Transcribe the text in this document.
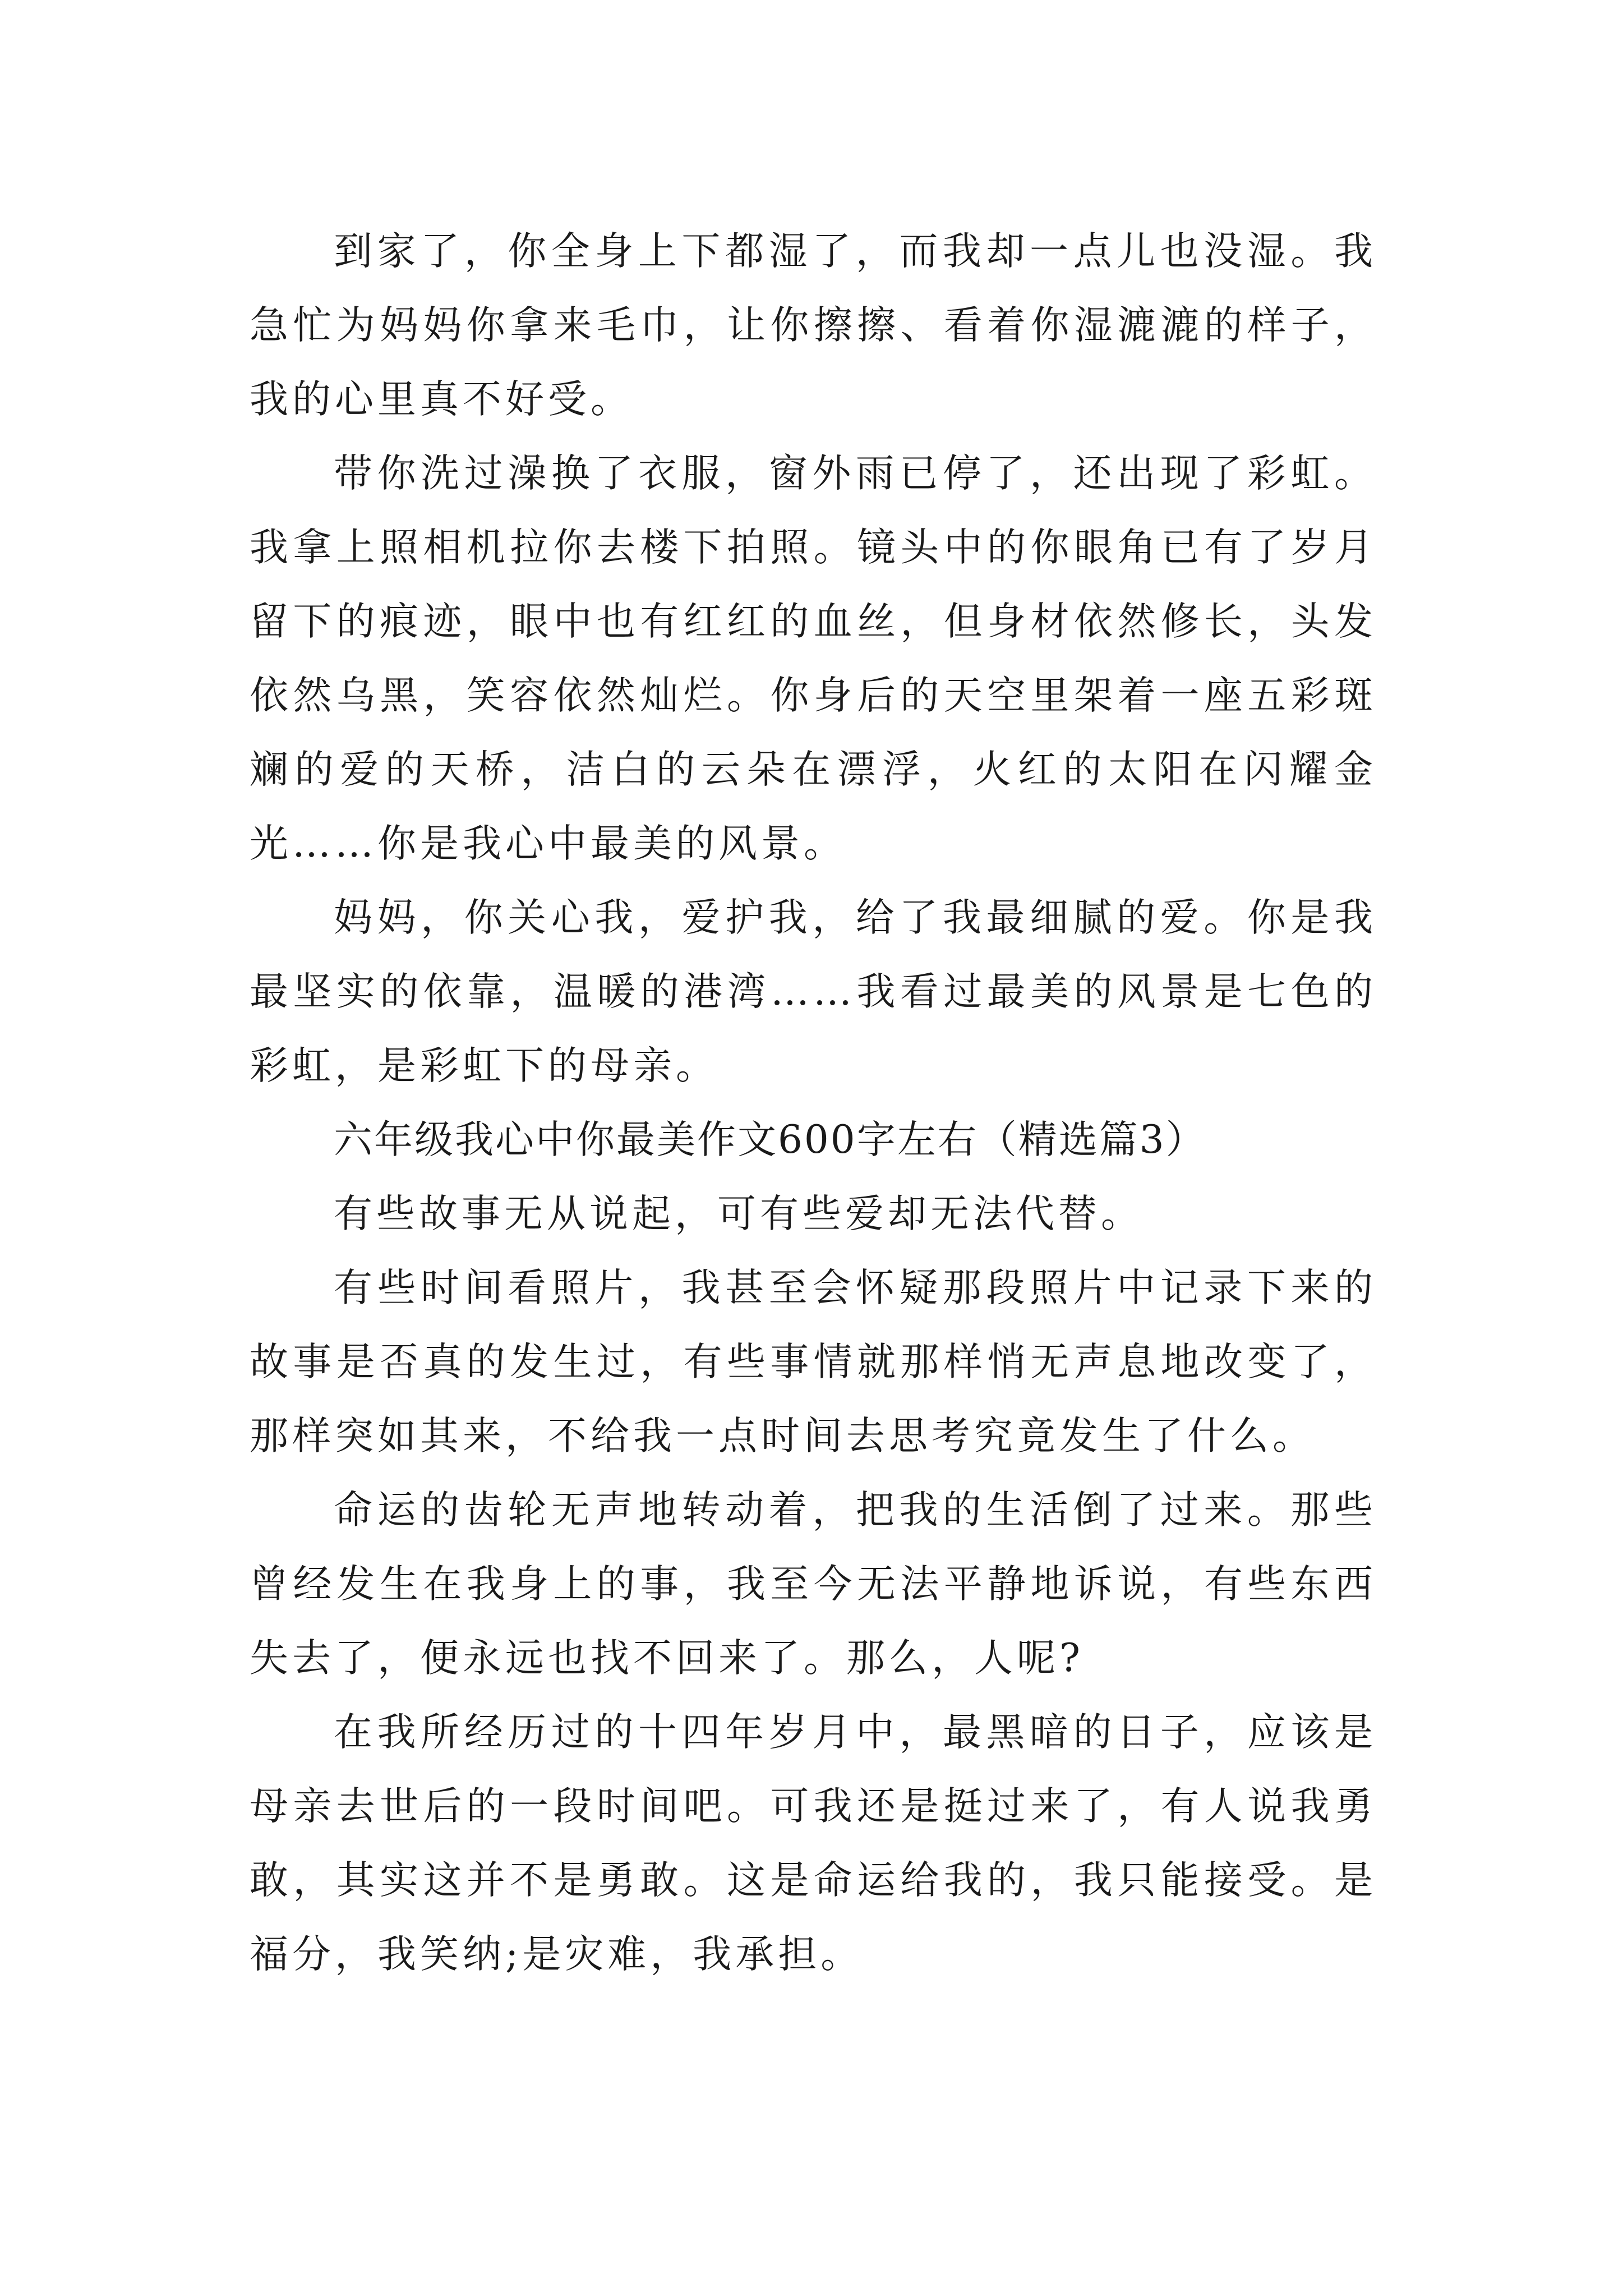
到家了，你全身上下都湿了，而我却一点儿也没湿。我急忙为妈妈你拿来毛巾，让你擦擦、看着你湿漉漉的样子，我的心里真不好受。

带你洗过澡换了衣服，窗外雨已停了，还出现了彩虹。我拿上照相机拉你去楼下拍照。镜头中的你眼角已有了岁月留下的痕迹，眼中也有红红的血丝，但身材依然修长，头发依然乌黑，笑容依然灿烂。你身后的天空里架着一座五彩斑斓的爱的天桥，洁白的云朵在漂浮，火红的太阳在闪耀金光……你是我心中最美的风景。

妈妈，你关心我，爱护我，给了我最细腻的爱。你是我最坚实的依靠，温暖的港湾……我看过最美的风景是七色的彩虹，是彩虹下的母亲。

六年级我心中你最美作文600字左右（精选篇3）

有些故事无从说起，可有些爱却无法代替。

有些时间看照片，我甚至会怀疑那段照片中记录下来的故事是否真的发生过，有些事情就那样悄无声息地改变了，那样突如其来，不给我一点时间去思考究竟发生了什么。

命运的齿轮无声地转动着，把我的生活倒了过来。那些曾经发生在我身上的事，我至今无法平静地诉说，有些东西失去了，便永远也找不回来了。那么，人呢?

在我所经历过的十四年岁月中，最黑暗的日子，应该是母亲去世后的一段时间吧。可我还是挺过来了，有人说我勇敢，其实这并不是勇敢。这是命运给我的，我只能接受。是福分，我笑纳;是灾难，我承担。
